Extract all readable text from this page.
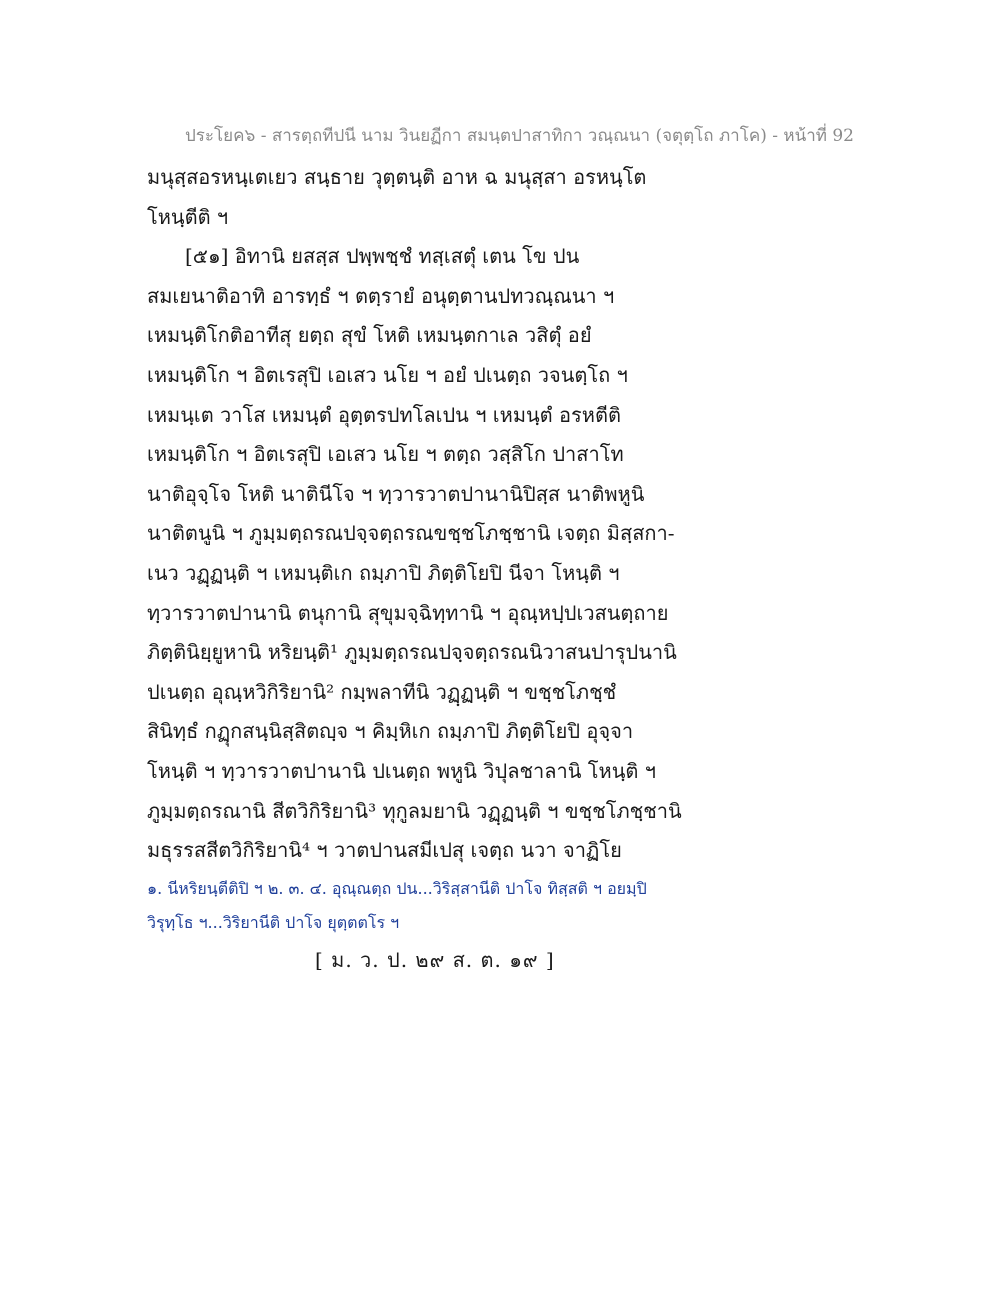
ประโยค๖ - สารตฺถทีปนี นาม วินยฏีกา สมนฺตปาสาทิกา วณฺณนา (จตุตฺโถ ภาโค) - หน้าที่ 92
มนุสฺสอรหนฺเตเยว สนฺธาย วุตฺตนฺติ อาห ฉ มนุสฺสา อรหนฺโต
โหนฺตีติ ฯ
[๕๑] อิทานิ ยสสฺส ปพฺพชฺชํ ทสฺเสตุํ เตน โข ปน
สมเยนาติอาทิ อารทฺธํ ฯ ตตฺรายํ อนุตฺตานปทวณฺณนา ฯ
เหมนฺติโกติอาทีสุ ยตฺถ สุขํ โหติ เหมนฺตกาเล วสิตุํ อยํ
เหมนฺติโก ฯ อิตเรสุปิ เอเสว นโย ฯ อยํ ปเนตฺถ วจนตฺโถ ฯ
เหมนฺเต วาโส เหมนฺตํ อุตฺตรปทโลเปน ฯ เหมนฺตํ อรหตีติ
เหมนฺติโก ฯ อิตเรสุปิ เอเสว นโย ฯ ตตฺถ วสฺสิโก ปาสาโท
นาติอุจฺโจ โหติ นาตินีโจ ฯ ทฺวารวาตปานานิปิสฺส นาติพหูนิ
นาติตนูนิ ฯ ภูมฺมตฺถรณปจฺจตฺถรณขชฺชโภชฺชานิ เจตฺถ มิสฺสกา-
เนว วฏฺฏนฺติ ฯ เหมนฺติเก ถมฺภาปิ ภิตฺติโยปิ นีจา โหนฺติ ฯ
ทฺวารวาตปานานิ ตนุกานิ สุขุมจฺฉิทฺทานิ ฯ อุณฺหปฺปเวสนตฺถาย
ภิตฺตินิยฺยูหานิ หริยนฺติ¹ ภูมฺมตฺถรณปจฺจตฺถรณนิวาสนปารุปนานิ
ปเนตฺถ อุณฺหวิกิริยานิ² กมฺพลาทีนิ วฏฺฏนฺติ ฯ ขชฺชโภชฺชํ
สินิทฺธํ กฏุกสนฺนิสฺสิตญฺจ ฯ คิมฺหิเก ถมฺภาปิ ภิตฺติโยปิ อุจฺจา
โหนฺติ ฯ ทฺวารวาตปานานิ ปเนตฺถ พหูนิ วิปุลชาลานิ โหนฺติ ฯ
ภูมฺมตฺถรณานิ สีตวิกิริยานิ³ ทุกูลมยานิ วฏฺฏนฺติ ฯ ขชฺชโภชฺชานิ
มธุรรสสีตวิกิริยานิ⁴ ฯ วาตปานสมีเปสุ เจตฺถ นวา จาฏิโย
๑. นีหริยนฺตีติปิ ฯ ๒. ๓. ๔. อุณฺณตฺถ ปน...วิริสฺสานีติ ปาโจ ทิสฺสติ ฯ อยมฺปิ
วิรุทฺโธ ฯ...วิริยานีติ ปาโจ ยุตฺตตโร ฯ
[ ม. ว. ป. ๒๙ ส. ต. ๑๙ ]
